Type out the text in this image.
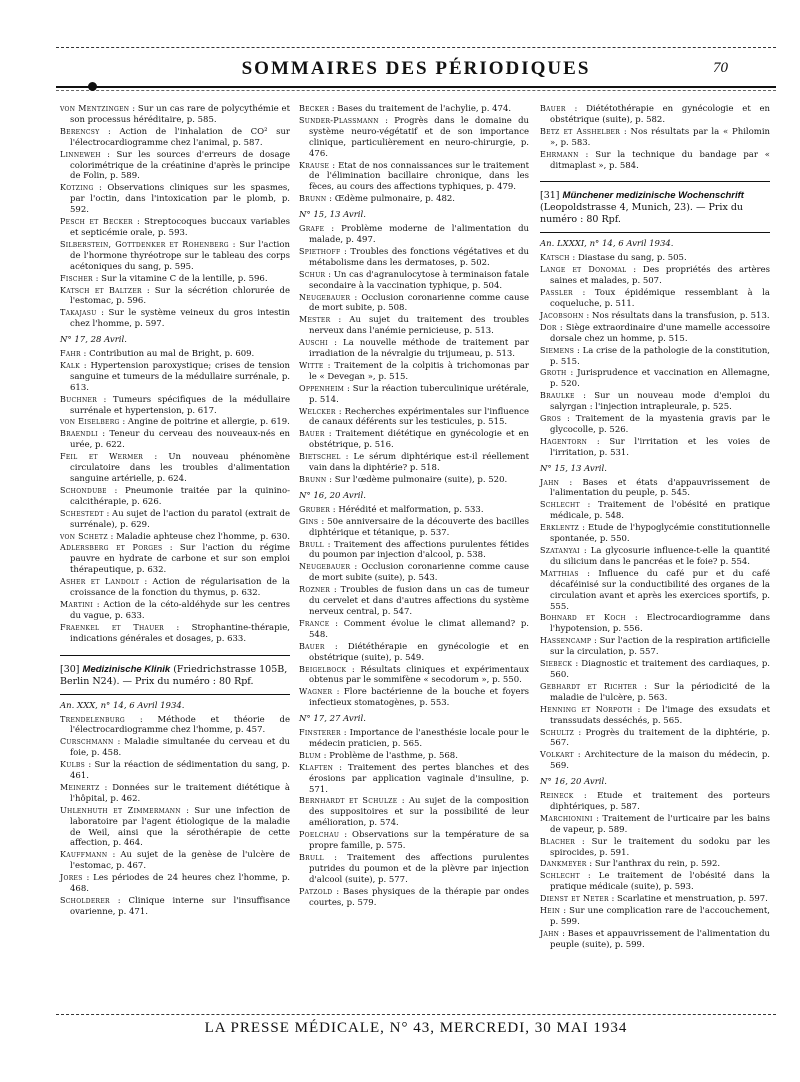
SOMMAIRES DES PÉRIODIQUES	70
von Mentzingen : Sur un cas rare de polycythémie et son processus héréditaire, p. 585.
Berencsy : Action de l'inhalation de CO² sur l'électrocardiogramme chez l'animal, p. 587.
Linneweh : Sur les sources d'erreurs de dosage colorimétrique de la créatinine d'après le principe de Folin, p. 589.
Kotzing : Observations cliniques sur les spasmes, par l'octin, dans l'intoxication par le plomb, p. 592.
Pesch et Becker : Streptocoques buccaux variables et septicémie orale, p. 593.
Silberstein, Gottdenker et Rohenberg : Sur l'action de l'hormone thyréotrope sur le tableau des corps acétoniques du sang, p. 595.
Fischer : Sur la vitamine C de la lentille, p. 596.
Katsch et Baltzer : Sur la sécrétion chlorurée de l'estomac, p. 596.
Takajasu : Sur le système veineux du gros intestin chez l'homme, p. 597.
N° 17, 28 Avril.
Fahr : Contribution au mal de Bright, p. 609.
Kalk : Hypertension paroxystique; crises de tension sanguine et tumeurs de la médullaire surrénale, p. 613.
Buchner : Tumeurs spécifiques de la médullaire surrénale et hypertension, p. 617.
von Eiselberg : Angine de poitrine et allergie, p. 619.
Braendli : Teneur du cerveau des nouveaux-nés en urée, p. 622.
Feil et Wermer : Un nouveau phénomène circulatoire dans les troubles d'alimentation sanguine artérielle, p. 624.
Schondube : Pneumonie traitée par la quinino-calcithérapie, p. 626.
Schestedt : Au sujet de l'action du paratol (extrait de surrénale), p. 629.
von Schetz : Maladie aphteuse chez l'homme, p. 630.
Adlersberg et Porges : Sur l'action du régime pauvre en hydrate de carbone et sur son emploi thérapeutique, p. 632.
Asher et Landolt : Action de régularisation de la croissance de la fonction du thymus, p. 632.
Martini : Action de la céto-aldéhyde sur les centres du vague, p. 633.
Fraenkel et Thauer : Strophantine-thérapie, indications générales et dosages, p. 633.
[30] Medizinische Klinik (Friedrichstrasse 105B, Berlin N24). — Prix du numéro : 80 Rpf.
An. XXX, n° 14, 6 Avril 1934.
Trendelenburg : Méthode et théorie de l'électrocardiogramme chez l'homme, p. 457.
Curschmann : Maladie simultanée du cerveau et du foie, p. 458.
Kulbs : Sur la réaction de sédimentation du sang, p. 461.
Meinertz : Données sur le traitement diététique à l'hôpital, p. 462.
Uhlenhuth et Zimmermann : Sur une infection de laboratoire par l'agent étiologique de la maladie de Weil, ainsi que la sérothérapie de cette affection, p. 464.
Kauffmann : Au sujet de la genèse de l'ulcère de l'estomac, p. 467.
Jores : Les périodes de 24 heures chez l'homme, p. 468.
Scholderer : Clinique interne sur l'insuffisance ovarienne, p. 471.
Becker : Bases du traitement de l'achylie, p. 474.
Sunder-Plassmann : Progrès dans le domaine du système neuro-végétatif et de son importance clinique, particulièrement en neuro-chirurgie, p. 476.
Krause : Etat de nos connaissances sur le traitement de l'élimination bacillaire chronique, dans les fèces, au cours des affections typhiques, p. 479.
Brunn : Œdème pulmonaire, p. 482.
N° 15, 13 Avril.
Grafe : Problème moderne de l'alimentation du malade, p. 497.
Spiethoff : Troubles des fonctions végétatives et du métabolisme dans les dermatoses, p. 502.
Schur : Un cas d'agranulocytose à terminaison fatale secondaire à la vaccination typhique, p. 504.
Neugebauer : Occlusion coronarienne comme cause de mort subite, p. 508.
Mester : Au sujet du traitement des troubles nerveux dans l'anémie pernicieuse, p. 513.
Auschi : La nouvelle méthode de traitement par irradiation de la névralgie du trijumeau, p. 513.
Witte : Traitement de la colpitis à trichomonas par le « Devegan », p. 515.
Oppenheim : Sur la réaction tuberculinique urétérale, p. 514.
Welcker : Recherches expérimentales sur l'influence de canaux déférents sur les testicules, p. 515.
Bauer : Traitement diététique en gynécologie et en obstétrique, p. 516.
Bietschel : Le sérum diphtérique est-il réellement vain dans la diphtérie? p. 518.
Brunn : Sur l'œdème pulmonaire (suite), p. 520.
N° 16, 20 Avril.
Gruber : Hérédité et malformation, p. 533.
Gins : 50e anniversaire de la découverte des bacilles diphtérique et tétanique, p. 537.
Brull : Traitement des affections purulentes fétides du poumon par injection d'alcool, p. 538.
Neugebauer : Occlusion coronarienne comme cause de mort subite (suite), p. 543.
Rozner : Troubles de fusion dans un cas de tumeur du cervelet et dans d'autres affections du système nerveux central, p. 547.
France : Comment évolue le climat allemand? p. 548.
Bauer : Diététhérapie en gynécologie et en obstétrique (suite), p. 549.
Beigelbock : Résultats cliniques et expérimentaux obtenus par le sommifène « secodorum », p. 550.
Wagner : Flore bactérienne de la bouche et foyers infectieux stomatogènes, p. 553.
N° 17, 27 Avril.
Finsterer : Importance de l'anesthésie locale pour le médecin praticien, p. 565.
Blum : Problème de l'asthme, p. 568.
Klaften : Traitement des pertes blanches et des érosions par application vaginale d'insuline, p. 571.
Bernhardt et Schulze : Au sujet de la composition des suppositoires et sur la possibilité de leur amélioration, p. 574.
Poelchau : Observations sur la température de sa propre famille, p. 575.
Brull : Traitement des affections purulentes putrides du poumon et de la plèvre par injection d'alcool (suite), p. 577.
Patzold : Bases physiques de la thérapie par ondes courtes, p. 579.
Bauer : Diététothérapie en gynécologie et en obstétrique (suite), p. 582.
Betz et Asshelber : Nos résultats par la « Philomin », p. 583.
Ehrmann : Sur la technique du bandage par « ditmaplast », p. 584.
[31] Münchener medizinische Wochenschrift (Leopoldstrasse 4, Munich, 23). — Prix du numéro : 80 Rpf.
An. LXXXI, n° 14, 6 Avril 1934.
Katsch : Diastase du sang, p. 505.
Lange et Donomal : Des propriétés des artères saines et malades, p. 507.
Passler : Toux épidémique ressemblant à la coqueluche, p. 511.
Jacobsohn : Nos résultats dans la transfusion, p. 513.
Dor : Siège extraordinaire d'une mamelle accessoire dorsale chez un homme, p. 515.
Siemens : La crise de la pathologie de la constitution, p. 515.
Groth : Jurisprudence et vaccination en Allemagne, p. 520.
Braulke : Sur un nouveau mode d'emploi du salyrgan : l'injection intrapleurale, p. 525.
Gros : Traitement de la myastenia gravis par le glycocolle, p. 526.
Hagentorn : Sur l'irritation et les voies de l'irritation, p. 531.
N° 15, 13 Avril.
Jahn : Bases et états d'appauvrissement de l'alimentation du peuple, p. 545.
Schlecht : Traitement de l'obésité en pratique médicale, p. 548.
Erklentz : Etude de l'hypoglycémie constitutionnelle spontanée, p. 550.
Szatanyai : La glycosurie influence-t-elle la quantité du silicium dans le pancréas et le foie? p. 554.
Matthias : Influence du café pur et du café décaféinisé sur la conductibilité des organes de la circulation avant et après les exercices sportifs, p. 555.
Bohnard et Koch : Electrocardiogramme dans l'hypotension, p. 556.
Hassencamp : Sur l'action de la respiration artificielle sur la circulation, p. 557.
Siebeck : Diagnostic et traitement des cardiaques, p. 560.
Gebhardt et Richter : Sur la périodicité de la maladie de l'ulcère, p. 563.
Henning et Norpoth : De l'image des exsudats et transsudats desséchés, p. 565.
Schultz : Progrès du traitement de la diphtérie, p. 567.
Volkart : Architecture de la maison du médecin, p. 569.
N° 16, 20 Avril.
Reineck : Etude et traitement des porteurs diphtériques, p. 587.
Marchionini : Traitement de l'urticaire par les bains de vapeur, p. 589.
Blacher : Sur le traitement du sodoku par les spirocides, p. 591.
Dankmeyer : Sur l'anthrax du rein, p. 592.
Schlecht : Le traitement de l'obésité dans la pratique médicale (suite), p. 593.
Dienst et Neter : Scarlatine et menstruation, p. 597.
Hein : Sur une complication rare de l'accouchement, p. 599.
Jahn : Bases et appauvrissement de l'alimentation du peuple (suite), p. 599.
LA PRESSE MÉDICALE, N° 43, MERCREDI, 30 MAI 1934
